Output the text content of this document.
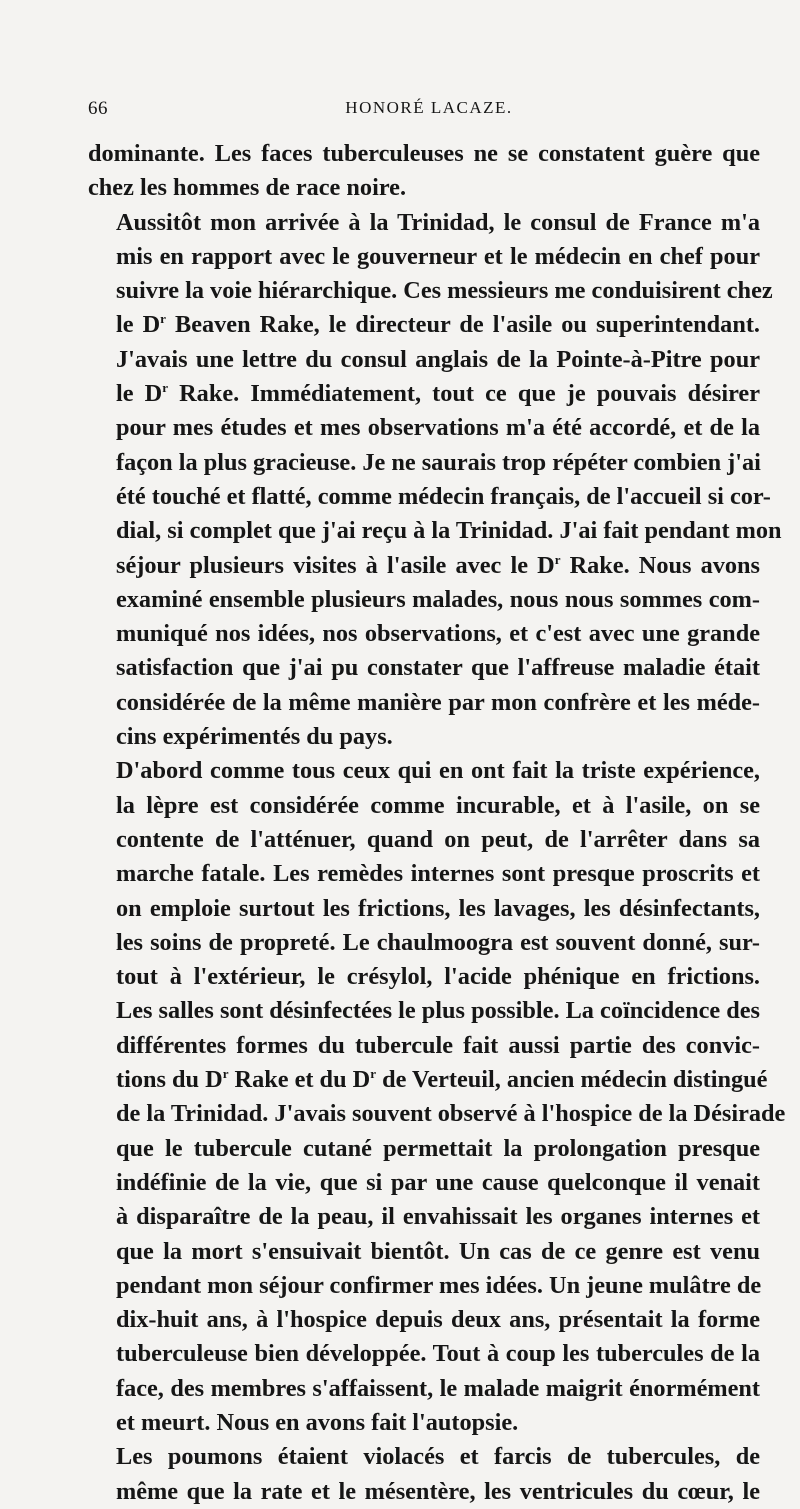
66	HONORÉ LACAZE.

dominante. Les faces tuberculeuses ne se constatent guère que
chez les hommes de race noire.

Aussitôt mon arrivée à la Trinidad, le consul de France m'a
mis en rapport avec le gouverneur et le médecin en chef pour
suivre la voie hiérarchique. Ces messieurs me conduisirent chez
le $D^r$ Beaven Rake, le directeur de l'asile ou superintendant.
J'avais une lettre du consul anglais de la Pointe-à-Pitre pour
le $D^r$ Rake. Immédiatement, tout ce que je pouvais désirer
pour mes études et mes observations m'a été accordé, et de la
façon la plus gracieuse. Je ne saurais trop répéter combien j'ai
été touché et flatté, comme médecin français, de l'accueil si cor-
dial, si complet que j'ai reçu à la Trinidad. J'ai fait pendant mon
séjour plusieurs visites à l'asile avec le $D^r$ Rake. Nous avons
examiné ensemble plusieurs malades, nous nous sommes com-
muniqué nos idées, nos observations, et c'est avec une grande
satisfaction que j'ai pu constater que l'affreuse maladie était
considérée de la même manière par mon confrère et les méde-
cins expérimentés du pays.

D'abord comme tous ceux qui en ont fait la triste expérience,
la lèpre est considérée comme incurable, et à l'asile, on se
contente de l'atténuer, quand on peut, de l'arrêter dans sa
marche fatale. Les remèdes internes sont presque proscrits et
on emploie surtout les frictions, les lavages, les désinfectants,
les soins de propreté. Le chaulmoogra est souvent donné, sur-
tout à l'extérieur, le crésylol, l'acide phénique en frictions.
Les salles sont désinfectées le plus possible. La coïncidence des
différentes formes du tubercule fait aussi partie des convic-
tions du $D^r$ Rake et du $D^r$ de Verteuil, ancien médecin distingué
de la Trinidad. J'avais souvent observé à l'hospice de la Désirade
que le tubercule cutané permettait la prolongation presque
indéfinie de la vie, que si par une cause quelconque il venait
à disparaître de la peau, il envahissait les organes internes et
que la mort s'ensuivait bientôt. Un cas de ce genre est venu
pendant mon séjour confirmer mes idées. Un jeune mulâtre de
dix-huit ans, à l'hospice depuis deux ans, présentait la forme
tuberculeuse bien développée. Tout à coup les tubercules de la
face, des membres s'affaissent, le malade maigrit énormément
et meurt. Nous en avons fait l'autopsie.

Les poumons étaient violacés et farcis de tubercules, de
même que la rate et le mésentère, les ventricules du cœur, le
